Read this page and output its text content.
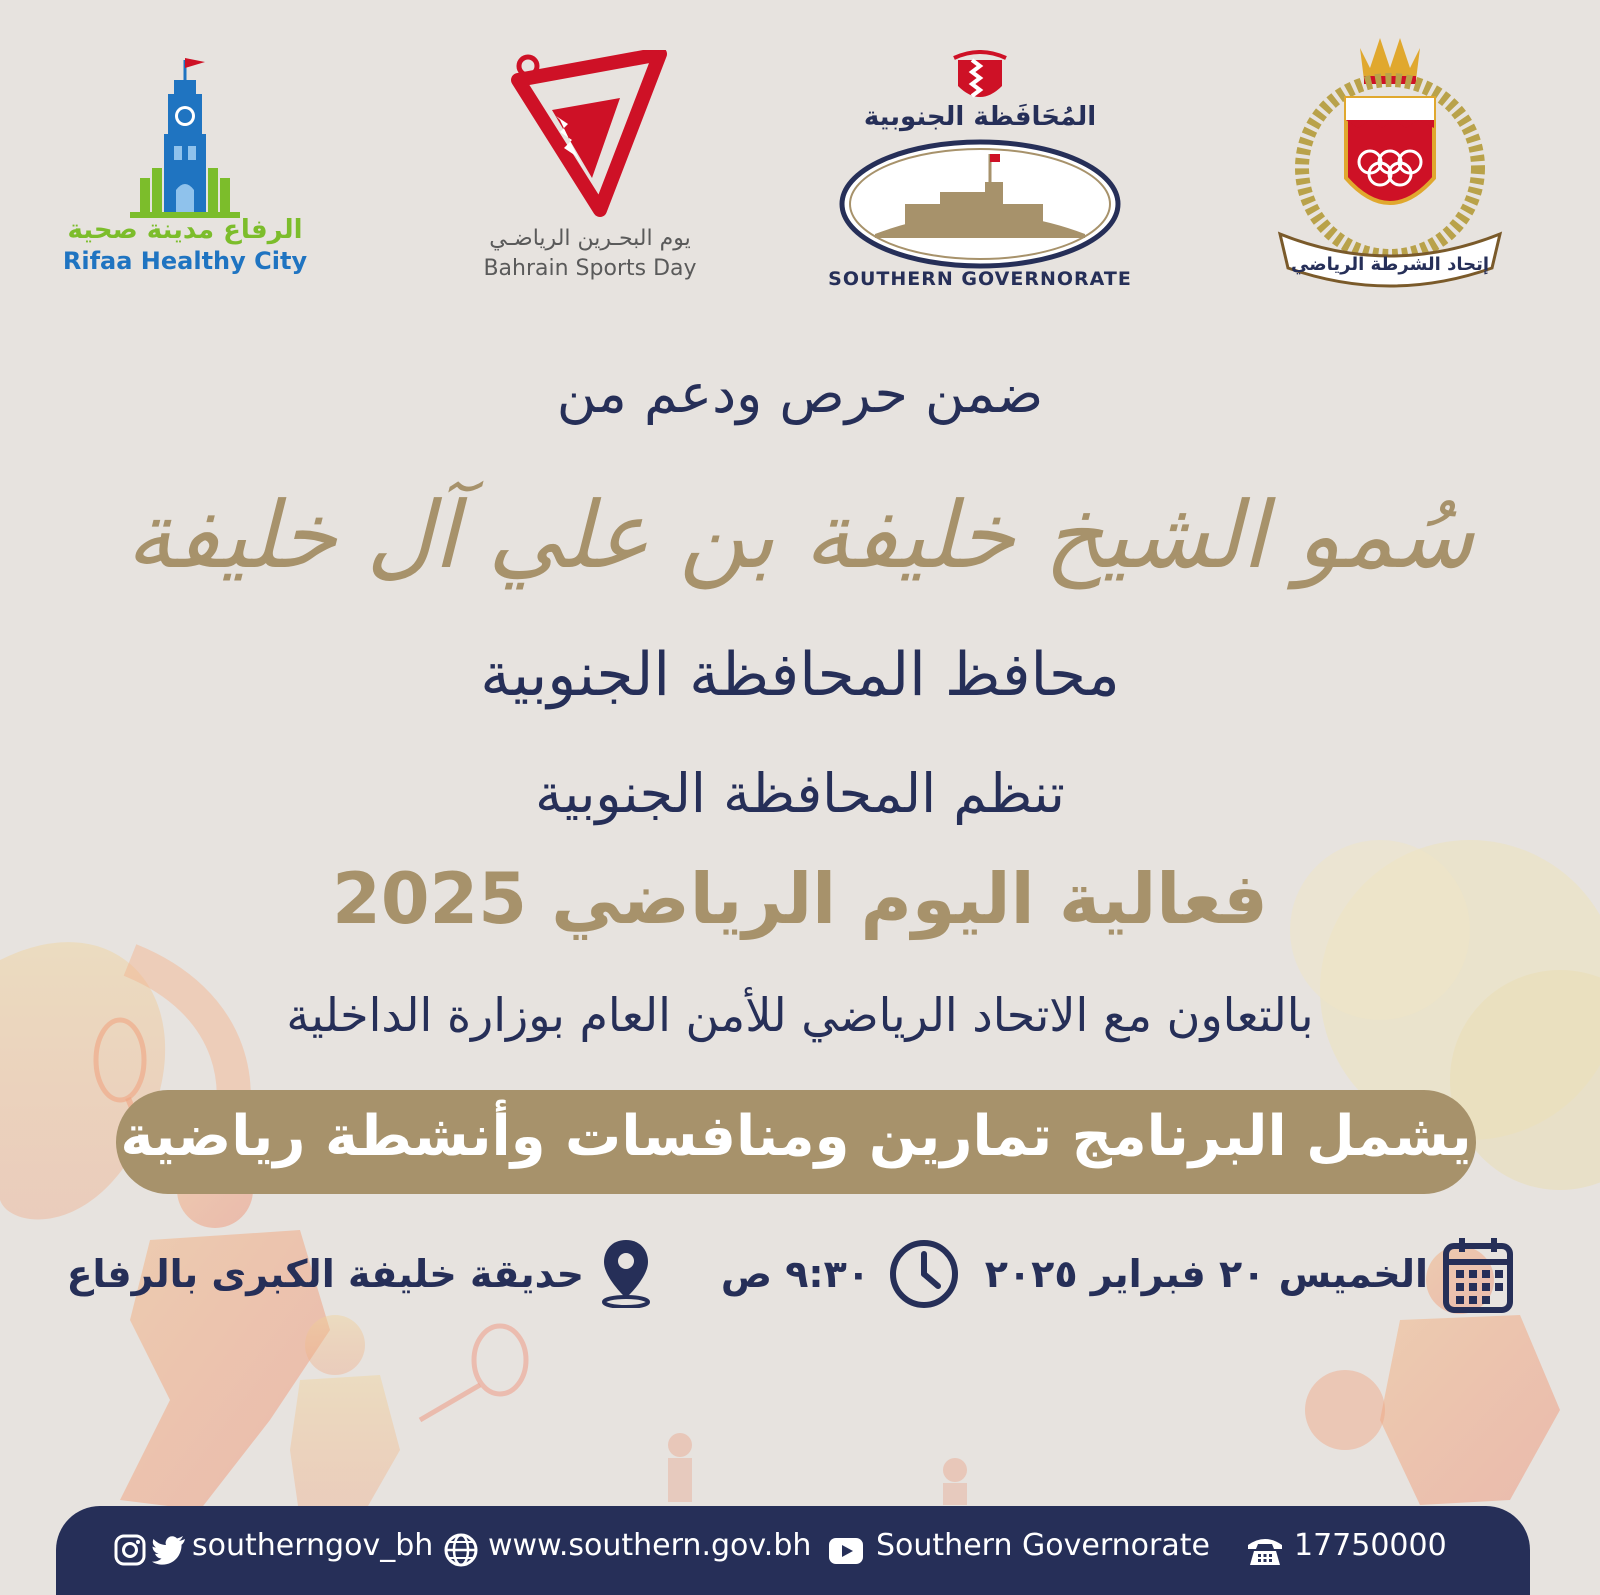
الرفاع مدينة صحية
Rifaa Healthy City
يوم البحـرين الرياضـي
Bahrain Sports Day
المُحَافَظة الجنوبية
SOUTHERN GOVERNORATE
إتحاد الشرطة الرياضي
ضمن حرص ودعم من
سُمو الشيخ خليفة بن علي آل خليفة
محافظ المحافظة الجنوبية
تنظم المحافظة الجنوبية
فعالية اليوم الرياضي 2025
بالتعاون مع الاتحاد الرياضي للأمن العام بوزارة الداخلية
يشمل البرنامج تمارين ومنافسات وأنشطة رياضية
الخميس ٢٠ فبراير ٢٠٢٥
٩:٣٠ ص
حديقة خليفة الكبرى بالرفاع
southerngov_bh www.southern.gov.bh Southern Governorate	17750000
